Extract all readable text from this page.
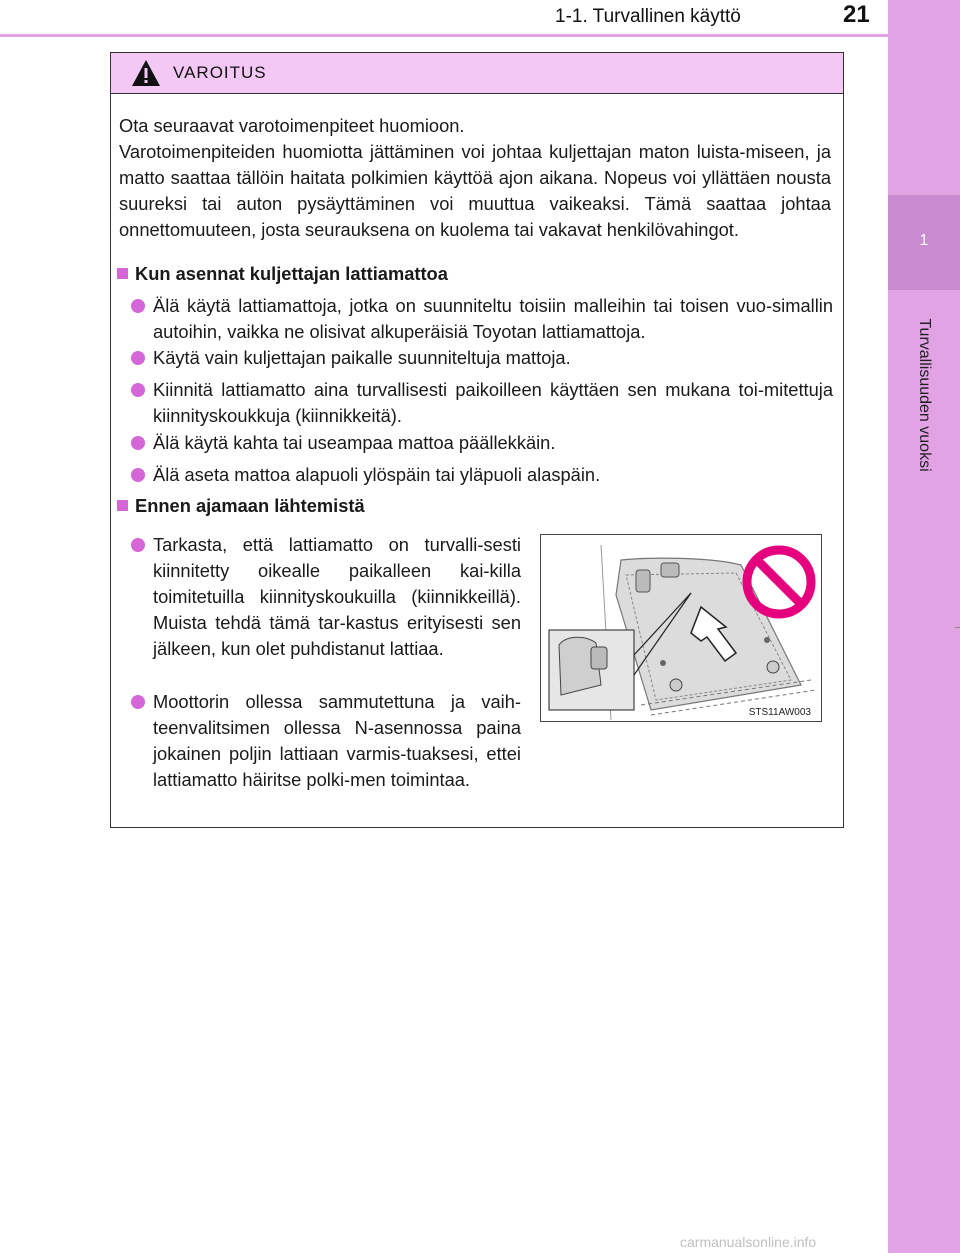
1-1. Turvallinen käyttö	21
1
Turvallisuuden vuoksi
VAROITUS

Ota seuraavat varotoimenpiteet huomioon.

Varotoimenpiteiden huomiotta jättäminen voi johtaa kuljettajan maton luista-miseen, ja matto saattaa tällöin haitata polkimien käyttöä ajon aikana. Nopeus voi yllättäen nousta suureksi tai auton pysäyttäminen voi muuttua vaikeaksi. Tämä saattaa johtaa onnettomuuteen, josta seurauksena on kuolema tai vakavat henkilövahingot.

Kun asennat kuljettajan lattiamattoa
Älä käytä lattiamattoja, jotka on suunniteltu toisiin malleihin tai toisen vuo-simallin autoihin, vaikka ne olisivat alkuperäisiä Toyotan lattiamattoja.
Käytä vain kuljettajan paikalle suunniteltuja mattoja.
Kiinnitä lattiamatto aina turvallisesti paikoilleen käyttäen sen mukana toi-mitettuja kiinnityskoukkuja (kiinnikkeitä).
Älä käytä kahta tai useampaa mattoa päällekkäin.
Älä aseta mattoa alapuoli ylöspäin tai yläpuoli alaspäin.
Ennen ajamaan lähtemistä
Tarkasta, että lattiamatto on turvalli-sesti kiinnitetty oikealle paikalleen kai-killa toimitetuilla kiinnityskoukuilla (kiinnikkeillä). Muista tehdä tämä tar-kastus erityisesti sen jälkeen, kun olet puhdistanut lattiaa.
Moottorin ollessa sammutettuna ja vaih-teenvalitsimen ollessa N-asennossa paina jokainen poljin lattiaan varmis-tuaksesi, ettei lattiamatto häiritse polki-men toimintaa.
STS11AW003
carmanualsonline.info
